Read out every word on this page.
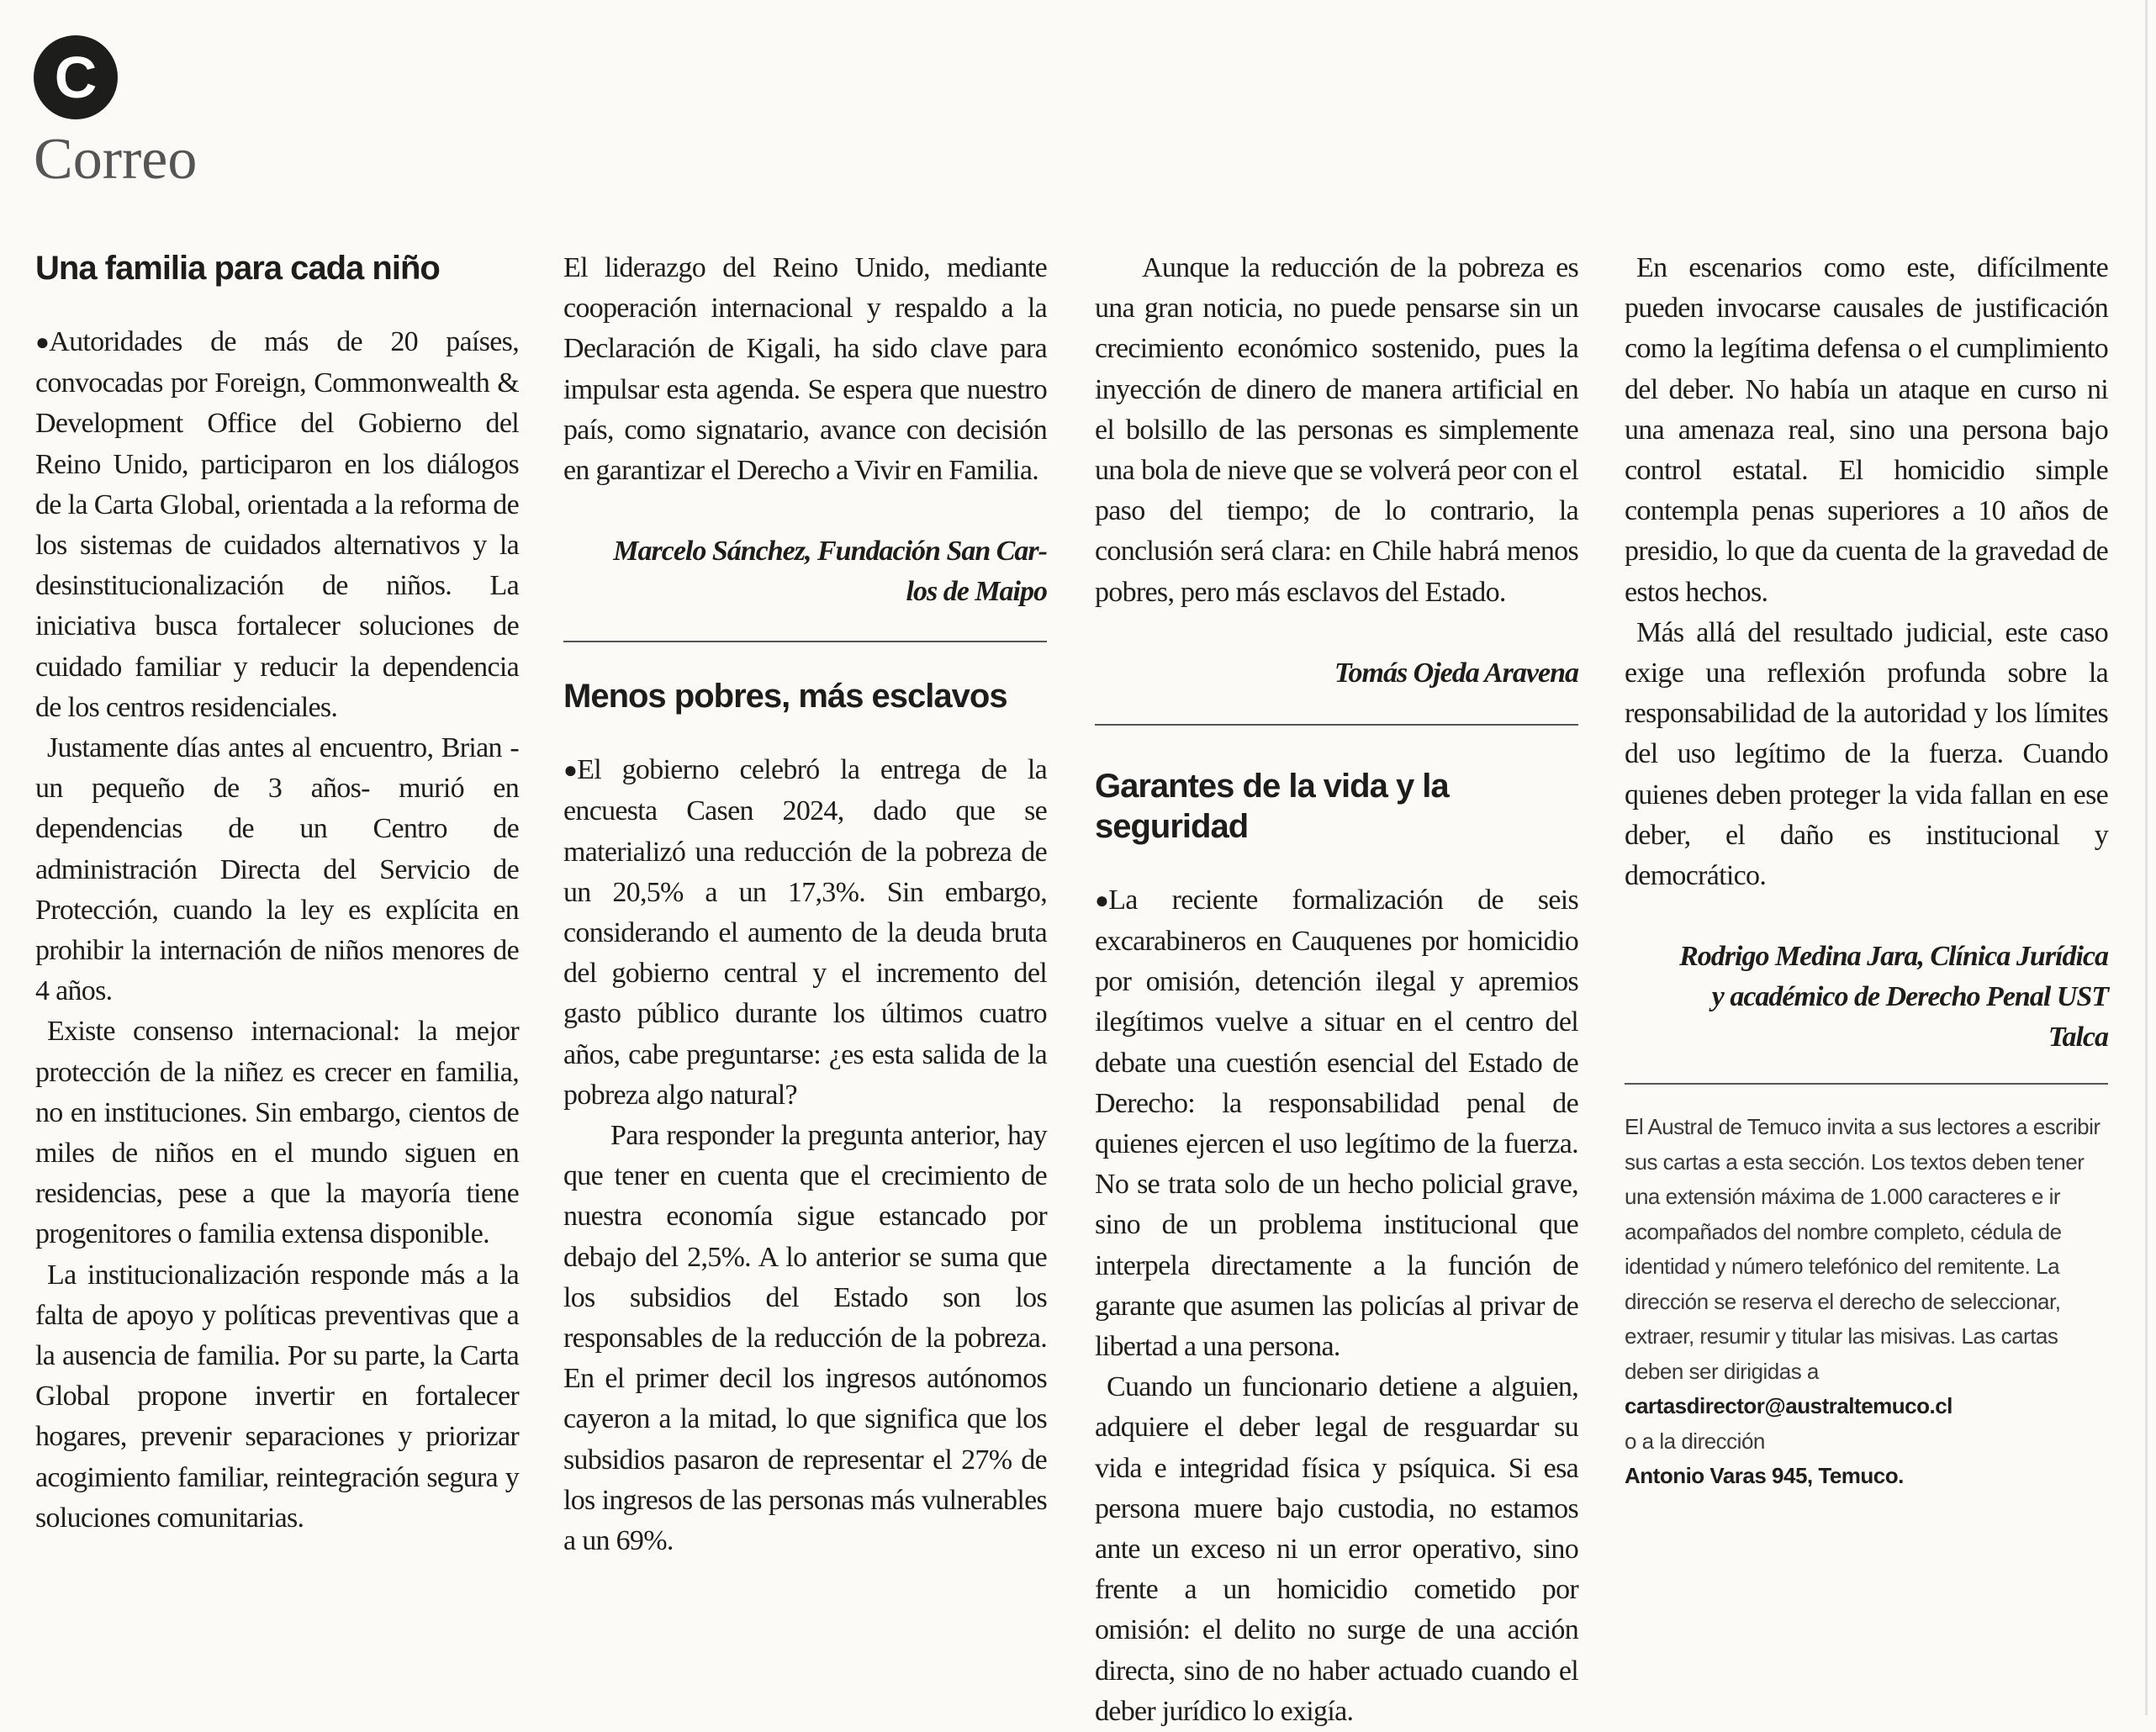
C
Correo
Una familia para cada niño

●Autoridades de más de 20 países, convocadas por Foreign, Commonwealth & Development Office del Gobierno del Reino Unido, participaron en los diálogos de la Carta Global, orientada a la reforma de los sistemas de cuidados alternativos y la desinstitucionalización de niños. La iniciativa busca fortalecer soluciones de cuidado familiar y reducir la dependencia de los centros residenciales.

Justamente días antes al encuentro, Brian -un pequeño de 3 años- murió en dependencias de un Centro de administración Directa del Servicio de Protección, cuando la ley es explícita en prohibir la internación de niños menores de 4 años.

Existe consenso internacional: la mejor protección de la niñez es crecer en familia, no en instituciones. Sin embargo, cientos de miles de niños en el mundo siguen en residencias, pese a que la mayoría tiene progenitores o familia extensa disponible.

La institucionalización responde más a la falta de apoyo y políticas preventivas que a la ausencia de familia. Por su parte, la Carta Global propone invertir en fortalecer hogares, prevenir separaciones y priorizar acogimiento familiar, reintegración segura y soluciones comunitarias.

El liderazgo del Reino Unido, mediante cooperación internacional y respaldo a la Declaración de Kigali, ha sido clave para impulsar esta agenda. Se espera que nuestro país, como signatario, avance con decisión en garantizar el Derecho a Vivir en Familia.

Marcelo Sánchez, Fundación San Car-
los de Maipo
Menos pobres, más esclavos

●El gobierno celebró la entrega de la encuesta Casen 2024, dado que se materializó una reducción de la pobreza de un 20,5% a un 17,3%. Sin embargo, considerando el aumento de la deuda bruta del gobierno central y el incremento del gasto público durante los últimos cuatro años, cabe preguntarse: ¿es esta salida de la pobreza algo natural?

Para responder la pregunta anterior, hay que tener en cuenta que el crecimiento de nuestra economía sigue estancado por debajo del 2,5%. A lo anterior se suma que los subsidios del Estado son los responsables de la reducción de la pobreza. En el primer decil los ingresos autónomos cayeron a la mitad, lo que significa que los subsidios pasaron de representar el 27% de los ingresos de las personas más vulnerables a un 69%.

Aunque la reducción de la pobreza es una gran noticia, no puede pensarse sin un crecimiento económico sostenido, pues la inyección de dinero de manera artificial en el bolsillo de las personas es simplemente una bola de nieve que se volverá peor con el paso del tiempo; de lo contrario, la conclusión será clara: en Chile habrá menos pobres, pero más esclavos del Estado.

Tomás Ojeda Aravena
Garantes de la vida y la seguridad

●La reciente formalización de seis excarabineros en Cauquenes por homicidio por omisión, detención ilegal y apremios ilegítimos vuelve a situar en el centro del debate una cuestión esencial del Estado de Derecho: la responsabilidad penal de quienes ejercen el uso legítimo de la fuerza. No se trata solo de un hecho policial grave, sino de un problema institucional que interpela directamente a la función de garante que asumen las policías al privar de libertad a una persona.

Cuando un funcionario detiene a alguien, adquiere el deber legal de resguardar su vida e integridad física y psíquica. Si esa persona muere bajo custodia, no estamos ante un exceso ni un error operativo, sino frente a un homicidio cometido por omisión: el delito no surge de una acción directa, sino de no haber actuado cuando el deber jurídico lo exigía.

En escenarios como este, difícilmente pueden invocarse causales de justificación como la legítima defensa o el cumplimiento del deber. No había un ataque en curso ni una amenaza real, sino una persona bajo control estatal. El homicidio simple contempla penas superiores a 10 años de presidio, lo que da cuenta de la gravedad de estos hechos.

Más allá del resultado judicial, este caso exige una reflexión profunda sobre la responsabilidad de la autoridad y los límites del uso legítimo de la fuerza. Cuando quienes deben proteger la vida fallan en ese deber, el daño es institucional y democrático.

Rodrigo Medina Jara, Clínica Jurídica
y académico de Derecho Penal UST
Talca

El Austral de Temuco invita a sus lectores a escribir sus cartas a esta sección. Los textos deben tener una extensión máxima de 1.000 caracteres e ir acompañados del nombre completo, cédula de identidad y número telefónico del remitente. La dirección se reserva el derecho de seleccionar, extraer, resumir y titular las misivas. Las cartas deben ser dirigidas a

cartasdirector@australtemuco.cl

o a la dirección

Antonio Varas 945, Temuco.
